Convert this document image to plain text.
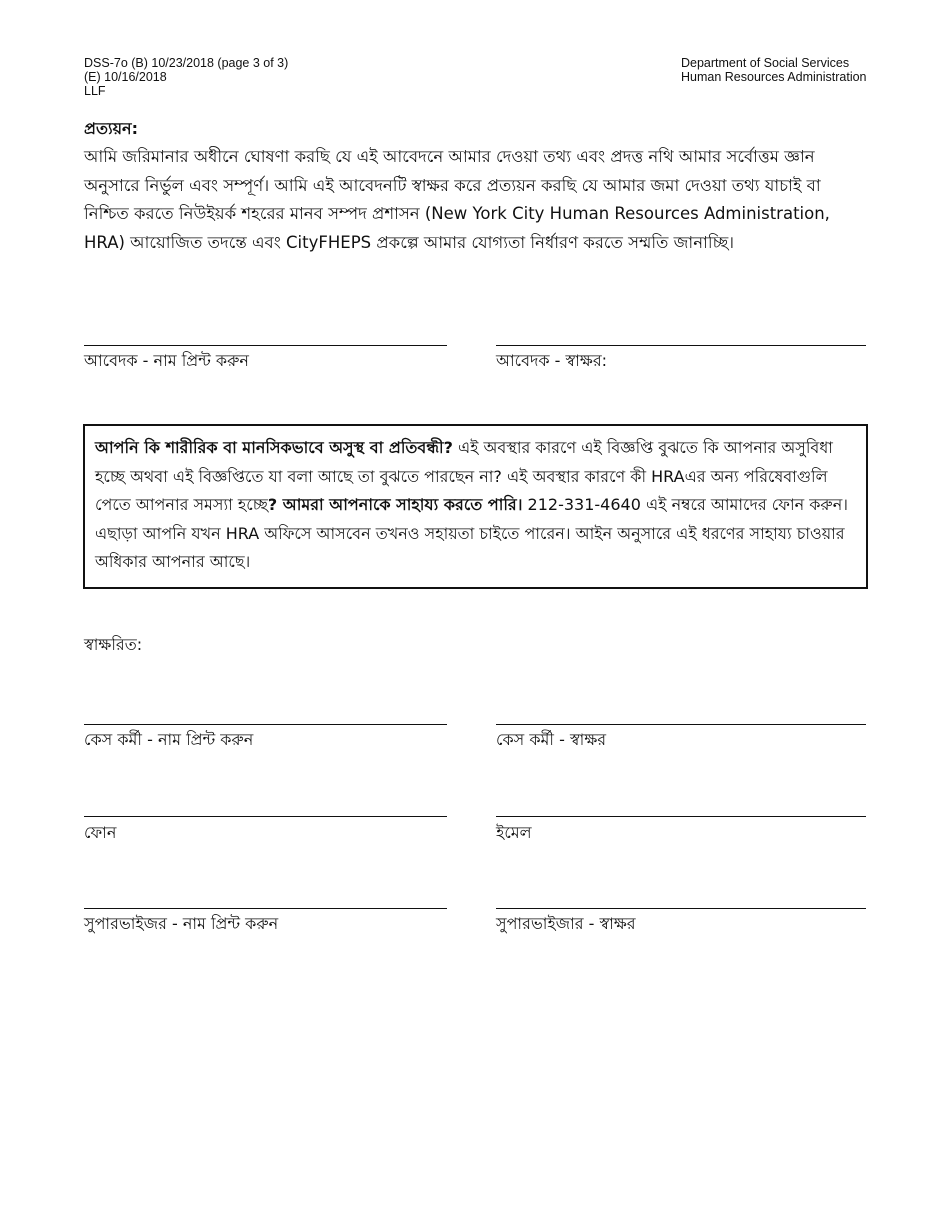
DSS-7o (B) 10/23/2018 (page 3 of 3)
(E) 10/16/2018
LLF
Department of Social Services
Human Resources Administration
প্রত্যয়ন:
আমি জরিমানার অধীনে ঘোষণা করছি যে এই আবেদনে আমার দেওয়া তথ্য এবং প্রদত্ত নথি আমার সর্বোত্তম জ্ঞান অনুসারে নির্ভুল এবং সম্পূর্ণ। আমি এই আবেদনটি স্বাক্ষর করে প্রত্যয়ন করছি যে আমার জমা দেওয়া তথ্য যাচাই বা নিশ্চিত করতে নিউইয়র্ক শহরের মানব সম্পদ প্রশাসন (New York City Human Resources Administration, HRA) আয়োজিত তদন্তে এবং CityFHEPS প্রকল্পে আমার যোগ্যতা নির্ধারণ করতে সম্মতি জানাচ্ছি।
আবেদক - নাম প্রিন্ট করুন	আবেদক - স্বাক্ষর:
আপনি কি শারীরিক বা মানসিকভাবে অসুস্থ বা প্রতিবন্ধী? এই অবস্থার কারণে এই বিজ্ঞপ্তি বুঝতে কি আপনার অসুবিধা হচ্ছে অথবা এই বিজ্ঞপ্তিতে যা বলা আছে তা বুঝতে পারছেন না? এই অবস্থার কারণে কী HRAএর অন্য পরিষেবাগুলি পেতে আপনার সমস্যা হচ্ছে? আমরা আপনাকে সাহায্য করতে পারি। 212-331-4640 এই নম্বরে আমাদের ফোন করুন। এছাড়া আপনি যখন HRA অফিসে আসবেন তখনও সহায়তা চাইতে পারেন। আইন অনুসারে এই ধরণের সাহায্য চাওয়ার অধিকার আপনার আছে।
স্বাক্ষরিত:
কেস কর্মী - নাম প্রিন্ট করুন	কেস কর্মী - স্বাক্ষর
ফোন	ইমেল
সুপারভাইজর - নাম প্রিন্ট করুন	সুপারভাইজার - স্বাক্ষর
